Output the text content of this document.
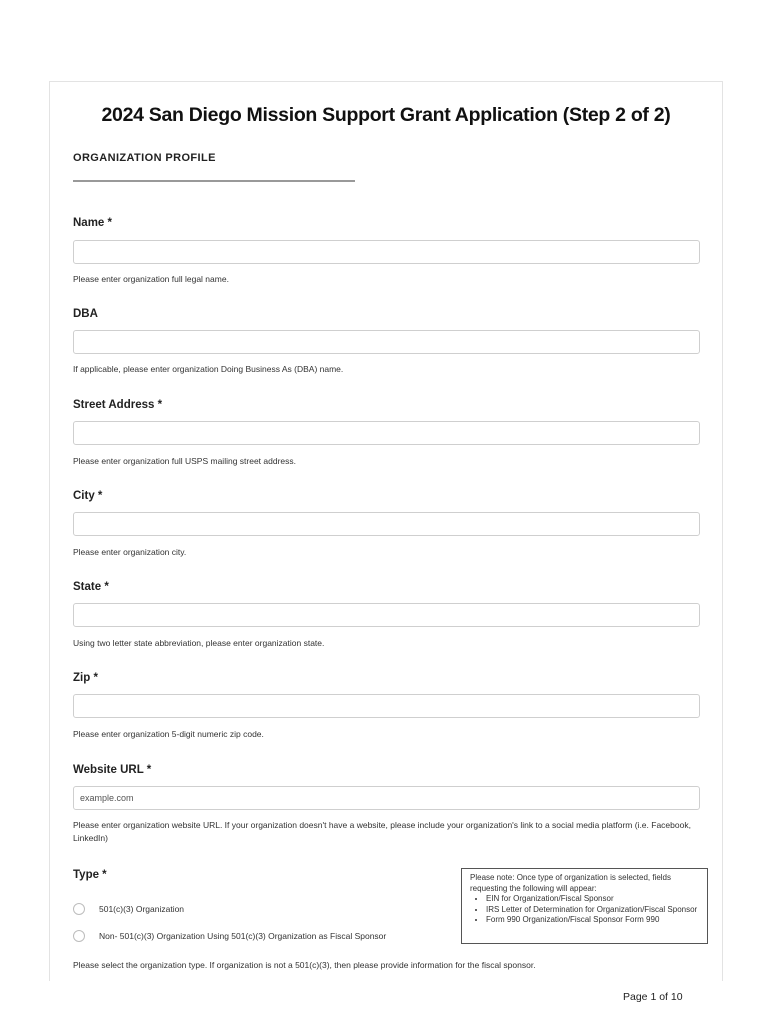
2024 San Diego Mission Support Grant Application (Step 2 of 2)
ORGANIZATION PROFILE
Name *
Please enter organization full legal name.
DBA
If applicable, please enter organization Doing Business As (DBA) name.
Street Address *
Please enter organization full USPS mailing street address.
City *
Please enter organization city.
State *
Using two letter state abbreviation, please enter organization state.
Zip *
Please enter organization 5-digit numeric zip code.
Website URL *
example.com
Please enter organization website URL. If your organization doesn't have a website, please include your organization's link to a social media platform (i.e. Facebook, LinkedIn)
Type *
501(c)(3) Organization
Non- 501(c)(3) Organization Using 501(c)(3) Organization as Fiscal Sponsor
Please note: Once type of organization is selected, fields requesting the following will appear:
• EIN for Organization/Fiscal Sponsor
• IRS Letter of Determination for Organization/Fiscal Sponsor
• Form 990 Organization/Fiscal Sponsor Form 990
Please select the organization type. If organization is not a 501(c)(3), then please provide information for the fiscal sponsor.
Page 1 of 10
